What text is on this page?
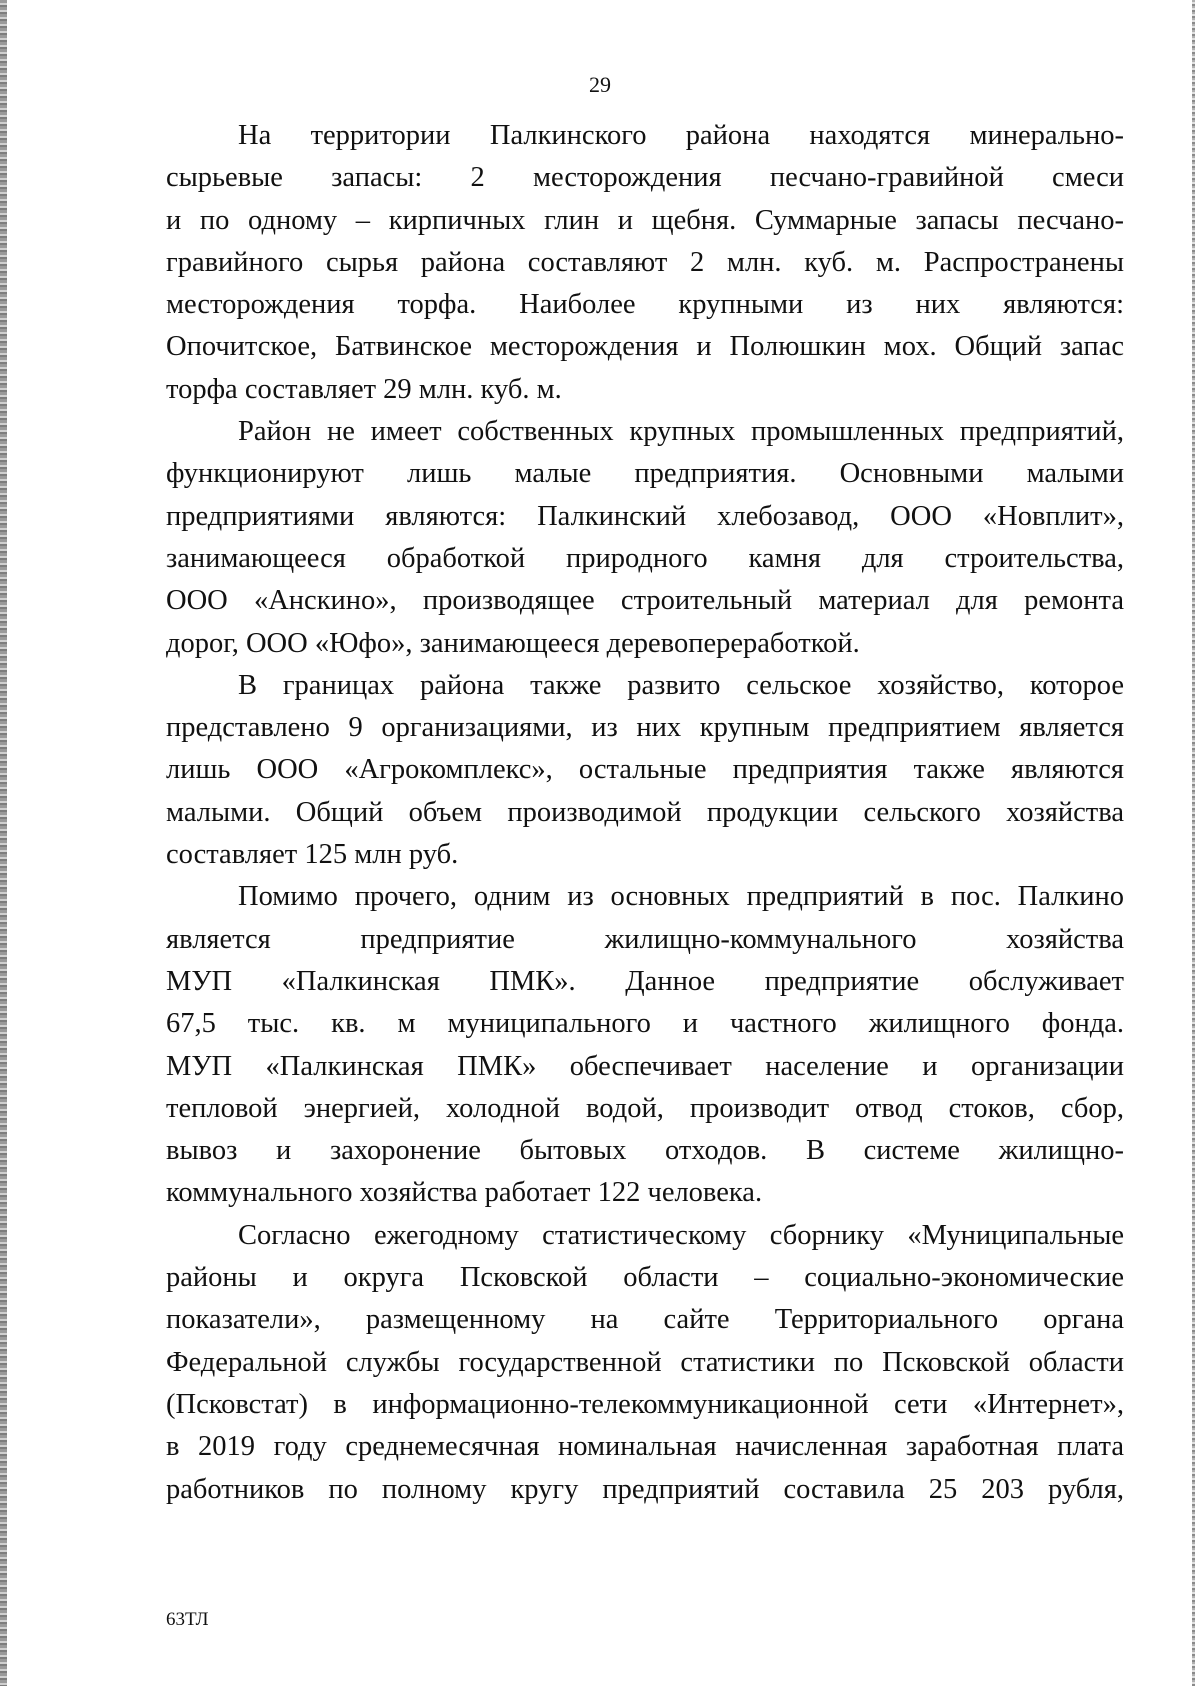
29
На территории Палкинского района находятся минерально-
сырьевые запасы: 2 месторождения песчано-гравийной смеси
и по одному – кирпичных глин и щебня. Суммарные запасы песчано-
гравийного сырья района составляют 2 млн. куб. м. Распространены
месторождения торфа. Наиболее крупными из них являются:
Опочитское, Батвинское месторождения и Полюшкин мох. Общий запас
торфа составляет 29 млн. куб. м.
Район не имеет собственных крупных промышленных предприятий,
функционируют лишь малые предприятия. Основными малыми
предприятиями являются: Палкинский хлебозавод, ООО «Новплит»,
занимающееся обработкой природного камня для строительства,
ООО «Анскино», производящее строительный материал для ремонта
дорог, ООО «Юфо», занимающееся деревопереработкой.
В границах района также развито сельское хозяйство, которое
представлено 9 организациями, из них крупным предприятием является
лишь ООО «Агрокомплекс», остальные предприятия также являются
малыми. Общий объем производимой продукции сельского хозяйства
составляет 125 млн руб.
Помимо прочего, одним из основных предприятий в пос. Палкино
является предприятие жилищно-коммунального хозяйства
МУП «Палкинская ПМК». Данное предприятие обслуживает
67,5 тыс. кв. м муниципального и частного жилищного фонда.
МУП «Палкинская ПМК» обеспечивает население и организации
тепловой энергией, холодной водой, производит отвод стоков, сбор,
вывоз и захоронение бытовых отходов. В системе жилищно-
коммунального хозяйства работает 122 человека.
Согласно ежегодному статистическому сборнику «Муниципальные
районы и округа Псковской области – социально-экономические
показатели», размещенному на сайте Территориального органа
Федеральной службы государственной статистики по Псковской области
(Псковстат) в информационно-телекоммуникационной сети «Интернет»,
в 2019 году среднемесячная номинальная начисленная заработная плата
работников по полному кругу предприятий составила 25 203 рубля,
63ТЛ
